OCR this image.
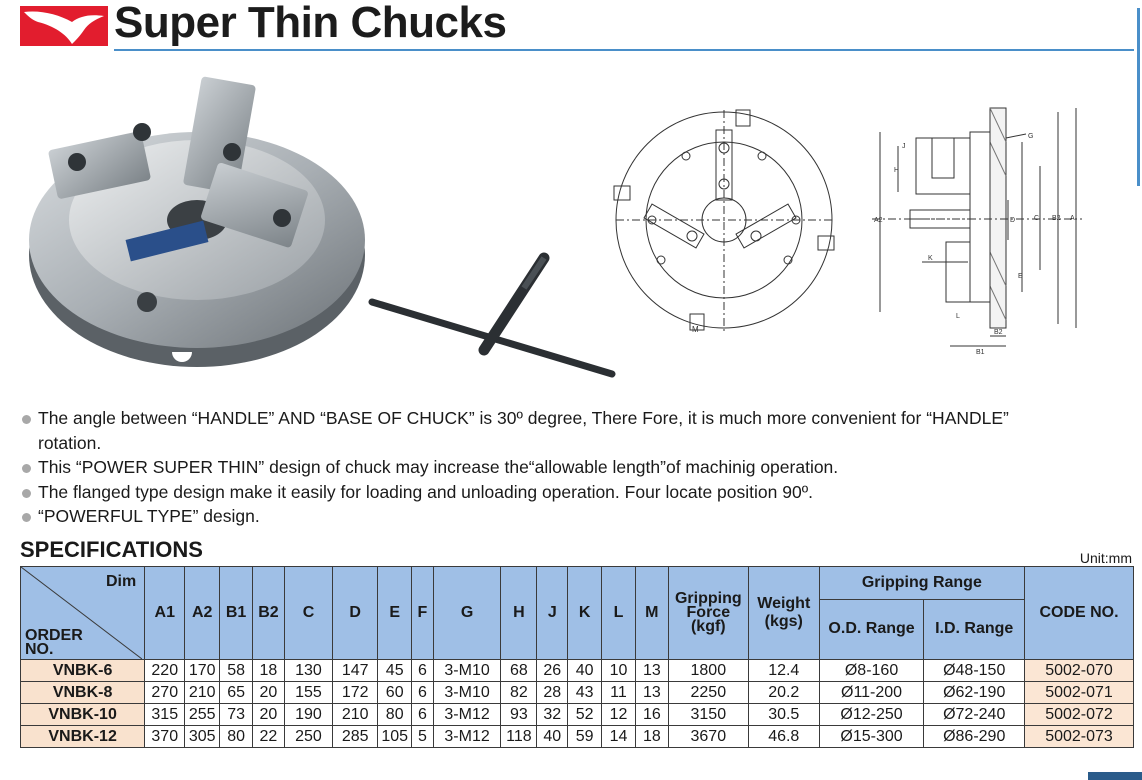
Super Thin Chucks
M
A2
H
J
K
L
G
D	C B2 A
E
B2
B1
The angle between “HANDLE” AND “BASE OF CHUCK” is 30º degree, There Fore, it is much more convenient for “HANDLE” rotation.
This “POWER SUPER THIN” design of chuck may increase the“allowable length”of machinig operation.
The flanged type design make it easily for loading and unloading operation. Four locate position 90º.
“POWERFUL TYPE” design.
SPECIFICATIONS	Unit:mm
Dim
ORDER
NO.	A1	A2	B1	B2	C	D	E	F	G	H	J	K	L	M	Gripping
Force
(kgf)	Weight
(kgs)	Gripping Range		CODE NO.
																	O.D. Range	I.D. Range	
VNBK-6	220	170	58	18	130	147	45	6	3-M10	68	26	40	10	13	1800	12.4	Ø8-160	Ø48-150	5002-070
VNBK-8	270	210	65	20	155	172	60	6	3-M10	82	28	43	11	13	2250	20.2	Ø11-200	Ø62-190	5002-071
VNBK-10	315	255	73	20	190	210	80	6	3-M12	93	32	52	12	16	3150	30.5	Ø12-250	Ø72-240	5002-072
VNBK-12	370	305	80	22	250	285	105	5	3-M12	118	40	59	14	18	3670	46.8	Ø15-300	Ø86-290	5002-073
